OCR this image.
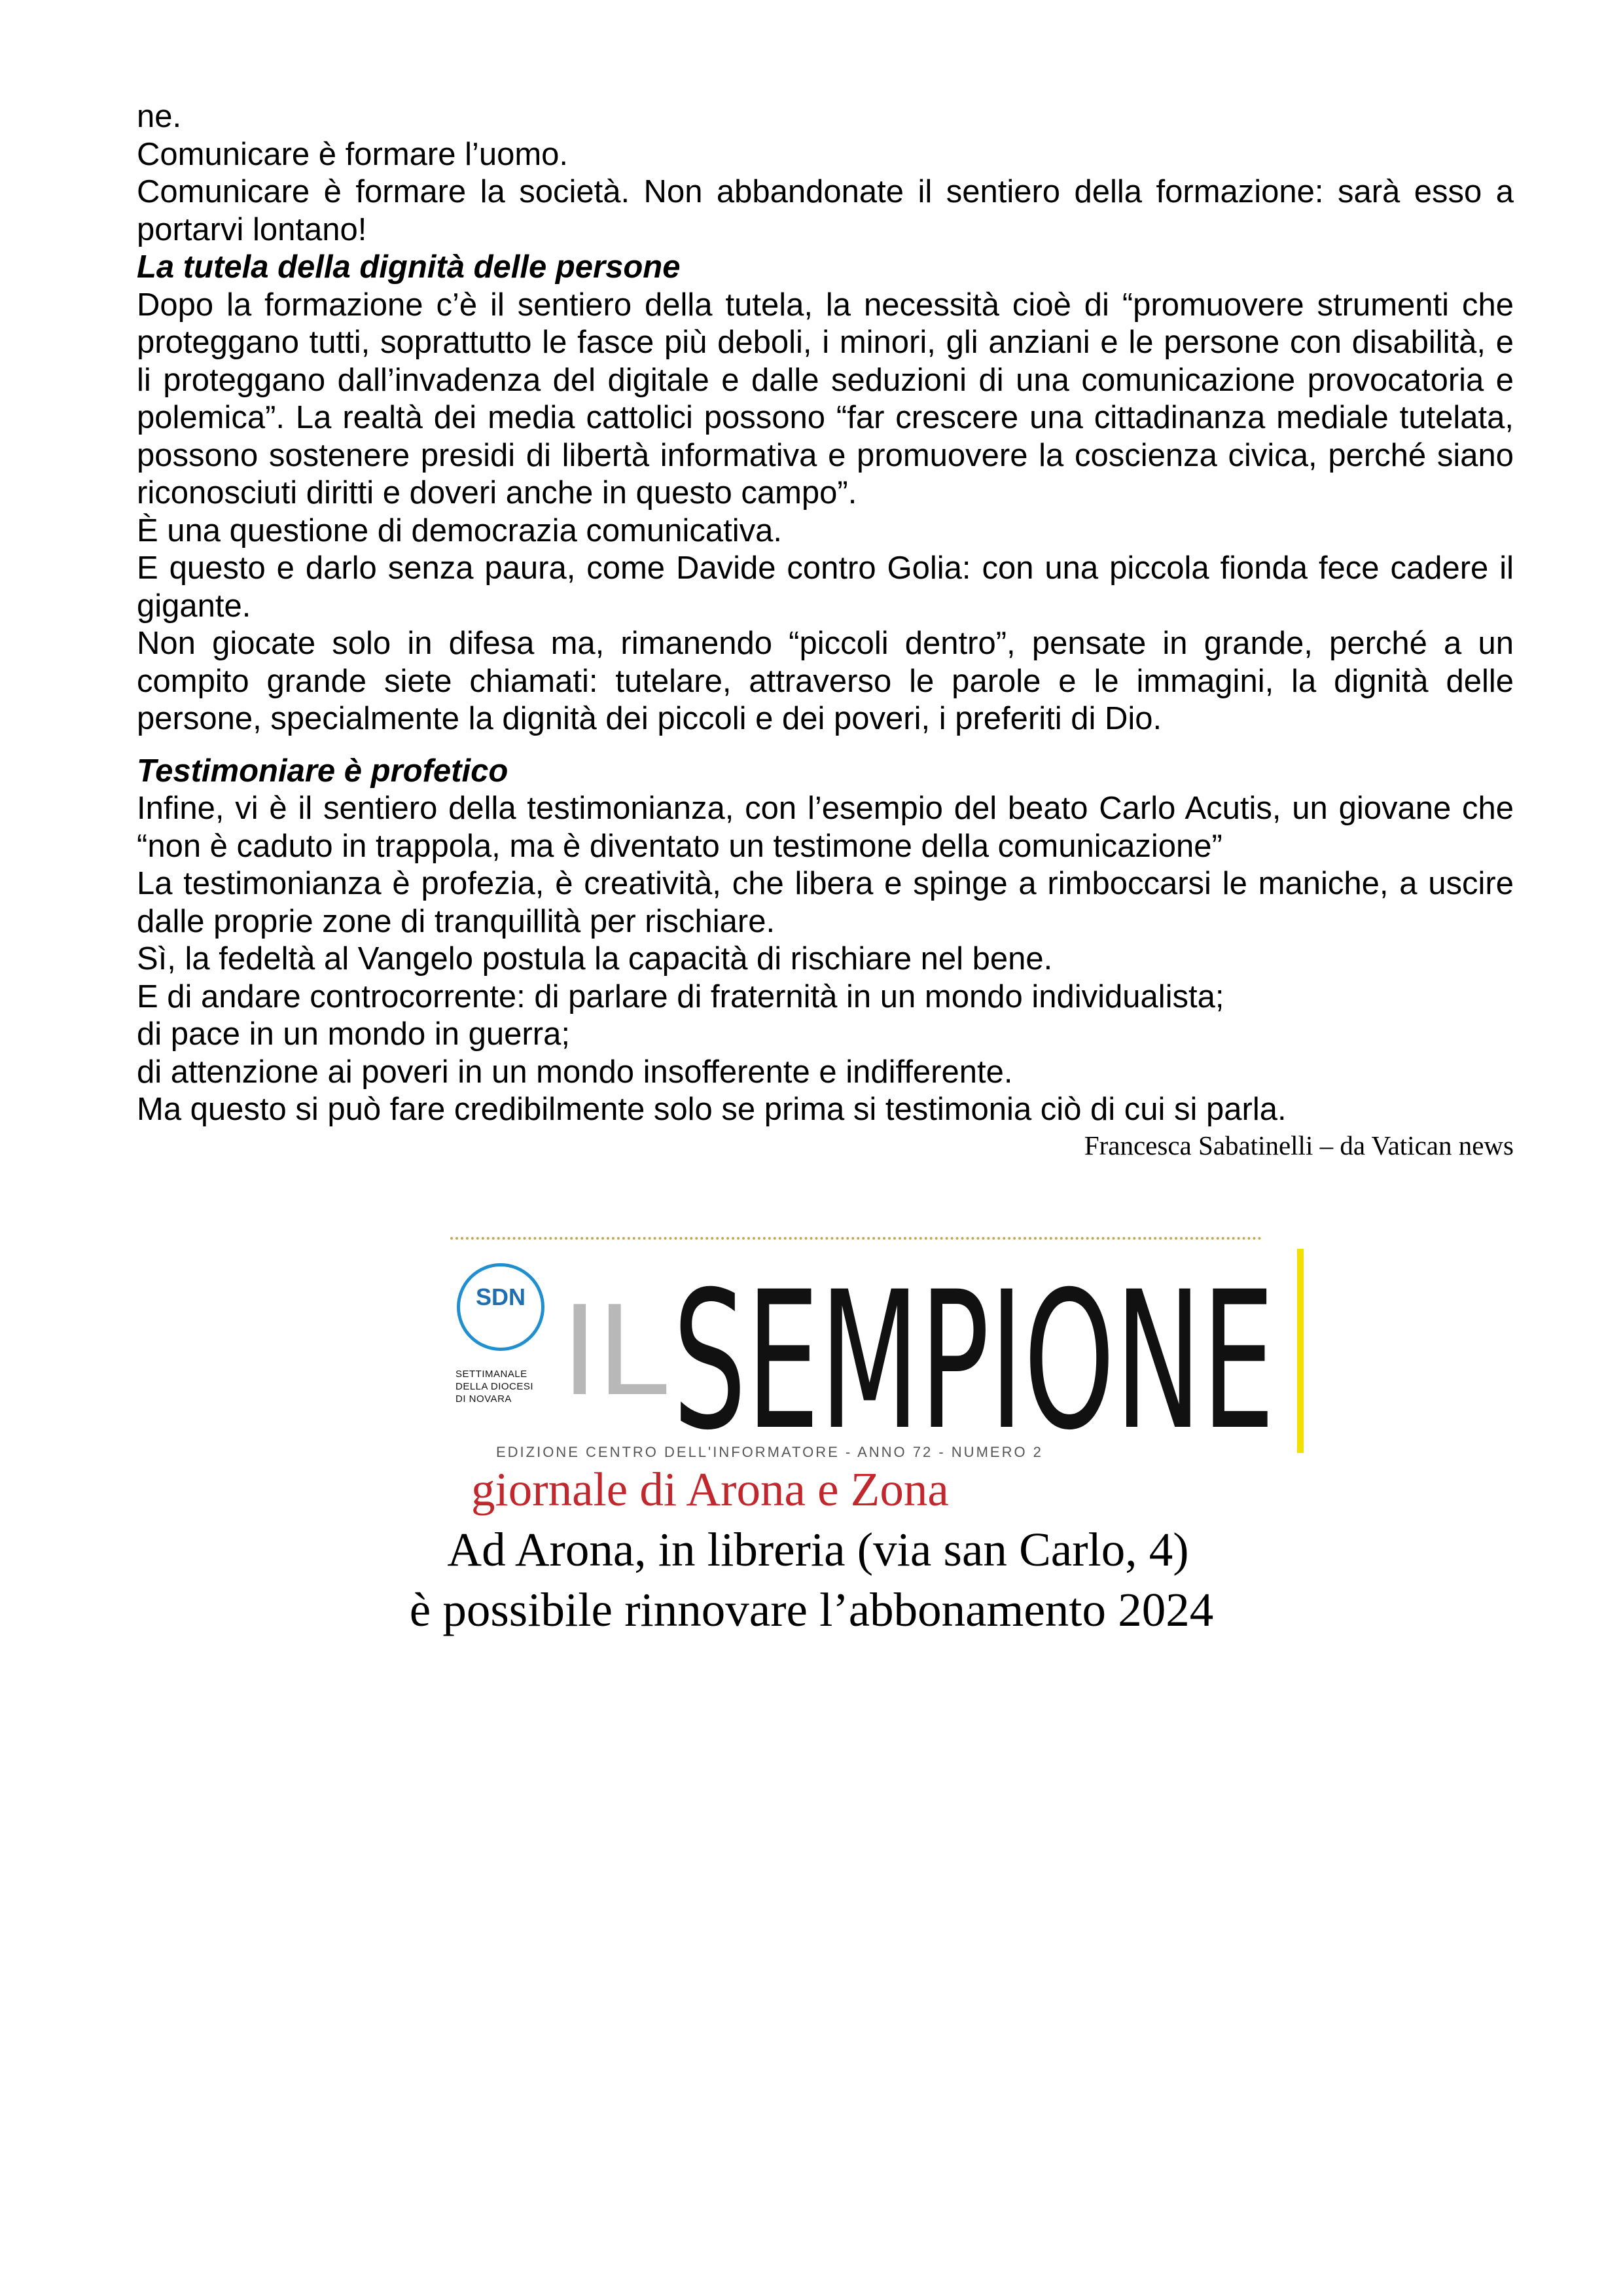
ne.

Comunicare è formare l’uomo.

Comunicare è formare la società. Non abbandonate il sentiero della formazione: sarà esso a portarvi lontano!

La tutela della dignità delle persone

Dopo la formazione c’è il sentiero della tutela, la necessità cioè di “promuovere strumenti che proteggano tutti, soprattutto le fasce più deboli, i minori, gli anziani e le persone con disabilità, e li proteggano dall’invadenza del digitale e dalle seduzioni di una comunicazione provocatoria e polemica”. La realtà dei media cattolici possono “far crescere una cittadinanza mediale tutelata, possono sostenere presidi di libertà informativa e promuovere la coscienza civica, perché siano riconosciuti diritti e doveri anche in questo campo”.

È una questione di democrazia comunicativa.

E questo e darlo senza paura, come Davide contro Golia: con una piccola fionda fece cadere il gigante.

Non giocate solo in difesa ma, rimanendo “piccoli dentro”, pensate in grande, perché a un compito grande siete chiamati: tutelare, attraverso le parole e le immagini, la dignità delle persone, specialmente la dignità dei piccoli e dei poveri, i preferiti di Dio.

Testimoniare è profetico

Infine, vi è il sentiero della testimonianza, con l’esempio del beato Carlo Acutis, un giovane che “non è caduto in trappola, ma è diventato un testimone della comunicazione”

La testimonianza è profezia, è creatività, che libera e spinge a rimboccarsi le maniche, a uscire dalle proprie zone di tranquillità per rischiare.

Sì, la fedeltà al Vangelo postula la capacità di rischiare nel bene.

E di andare controcorrente: di parlare di fraternità in un mondo individualista;

di pace in un mondo in guerra;

di attenzione ai poveri in un mondo insofferente e indifferente.

Ma questo si può fare credibilmente solo se prima si testimonia ciò di cui si parla.

Francesca Sabatinelli – da Vatican news
SDN
SETTIMANALE
DELLA DIOCESI
DI NOVARA IL SEMPIONE
EDIZIONE CENTRO DELL'INFORMATORE - ANNO 72 - NUMERO 2
giornale di Arona e Zona
Ad Arona, in libreria (via san Carlo, 4)
è possibile rinnovare l’abbonamento 2024
